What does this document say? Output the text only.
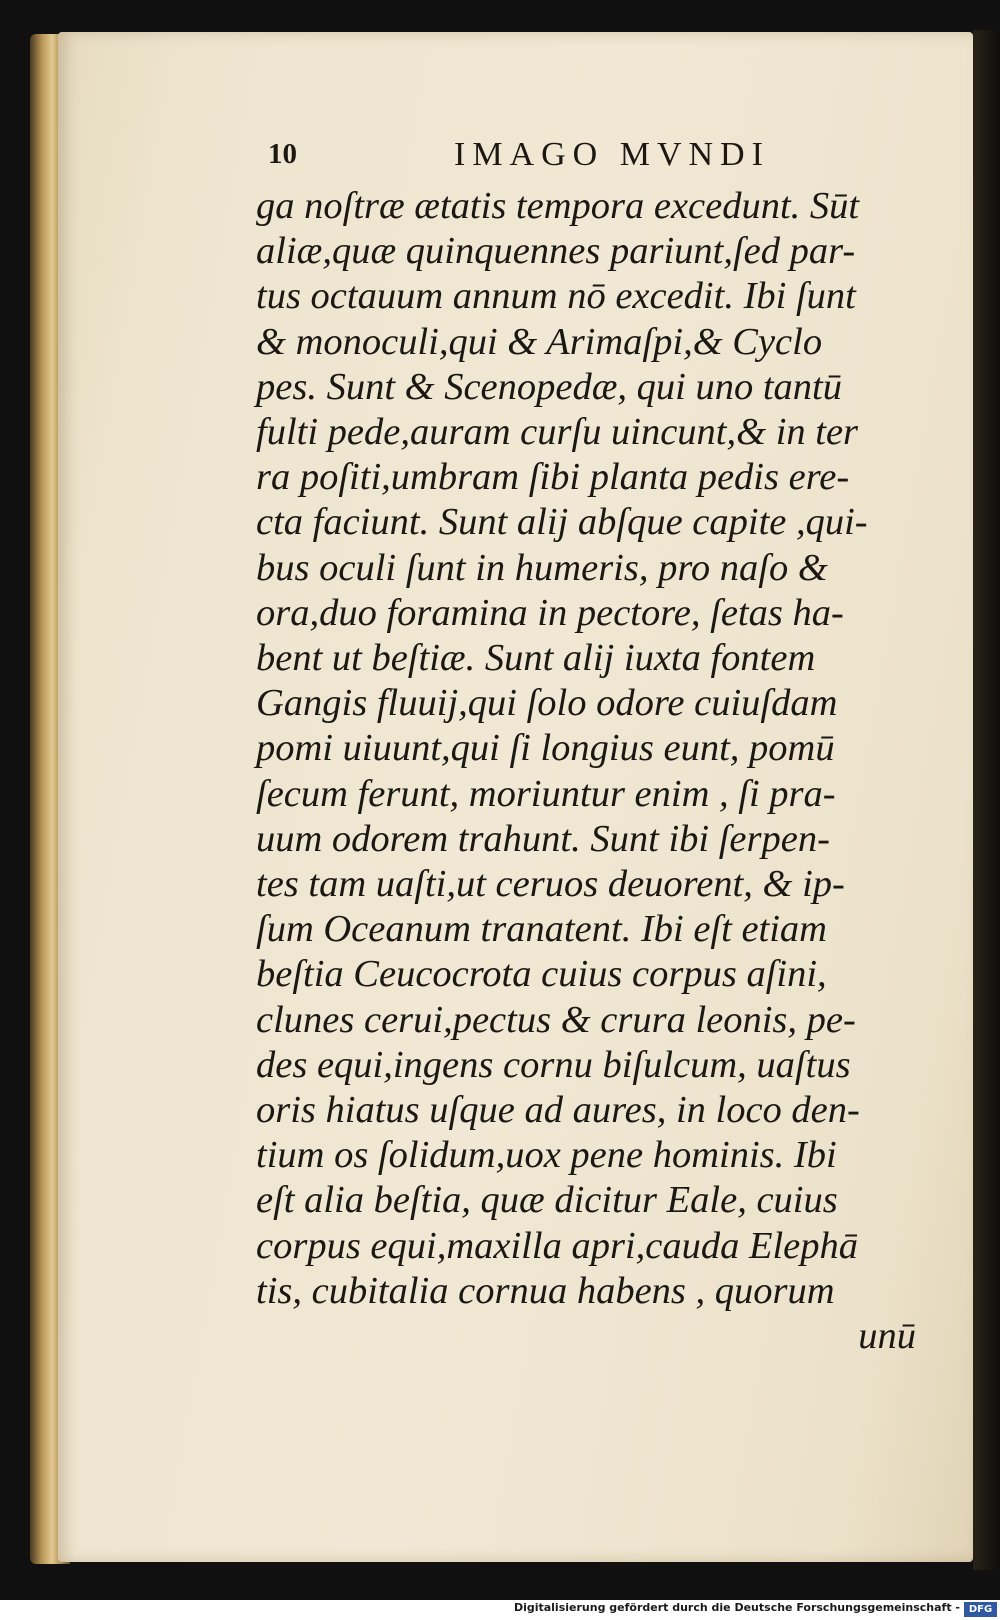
10	IMAGO MVNDI
ga noſtræ ætatis tempora excedunt. Sūt
aliæ,quæ quinquennes pariunt,ſed par-
tus octauum annum nō excedit. Ibi ſunt
& monoculi,qui & Arimaſpi,& Cyclo
pes. Sunt & Scenopedæ, qui uno tantū
fulti pede,auram curſu uincunt,& in ter
ra poſiti,umbram ſibi planta pedis ere-
cta faciunt. Sunt alij abſque capite ,qui-
bus oculi ſunt in humeris, pro naſo &
ora,duo foramina in pectore, ſetas ha-
bent ut beſtiæ. Sunt alij iuxta fontem
Gangis fluuij,qui ſolo odore cuiuſdam
pomi uiuunt,qui ſi longius eunt, pomū
ſecum ferunt, moriuntur enim , ſi pra-
uum odorem trahunt. Sunt ibi ſerpen-
tes tam uaſti,ut ceruos deuorent, & ip-
ſum Oceanum tranatent. Ibi eſt etiam
beſtia Ceucocrota cuius corpus aſini,
clunes cerui,pectus & crura leonis, pe-
des equi,ingens cornu biſulcum, uaſtus
oris hiatus uſque ad aures, in loco den-
tium os ſolidum,uox pene hominis. Ibi
eſt alia beſtia, quæ dicitur Eale, cuius
corpus equi,maxilla apri,cauda Elephā
tis, cubitalia cornua habens , quorum
unū
Digitalisierung gefördert durch die Deutsche Forschungsgemeinschaft - DFG
